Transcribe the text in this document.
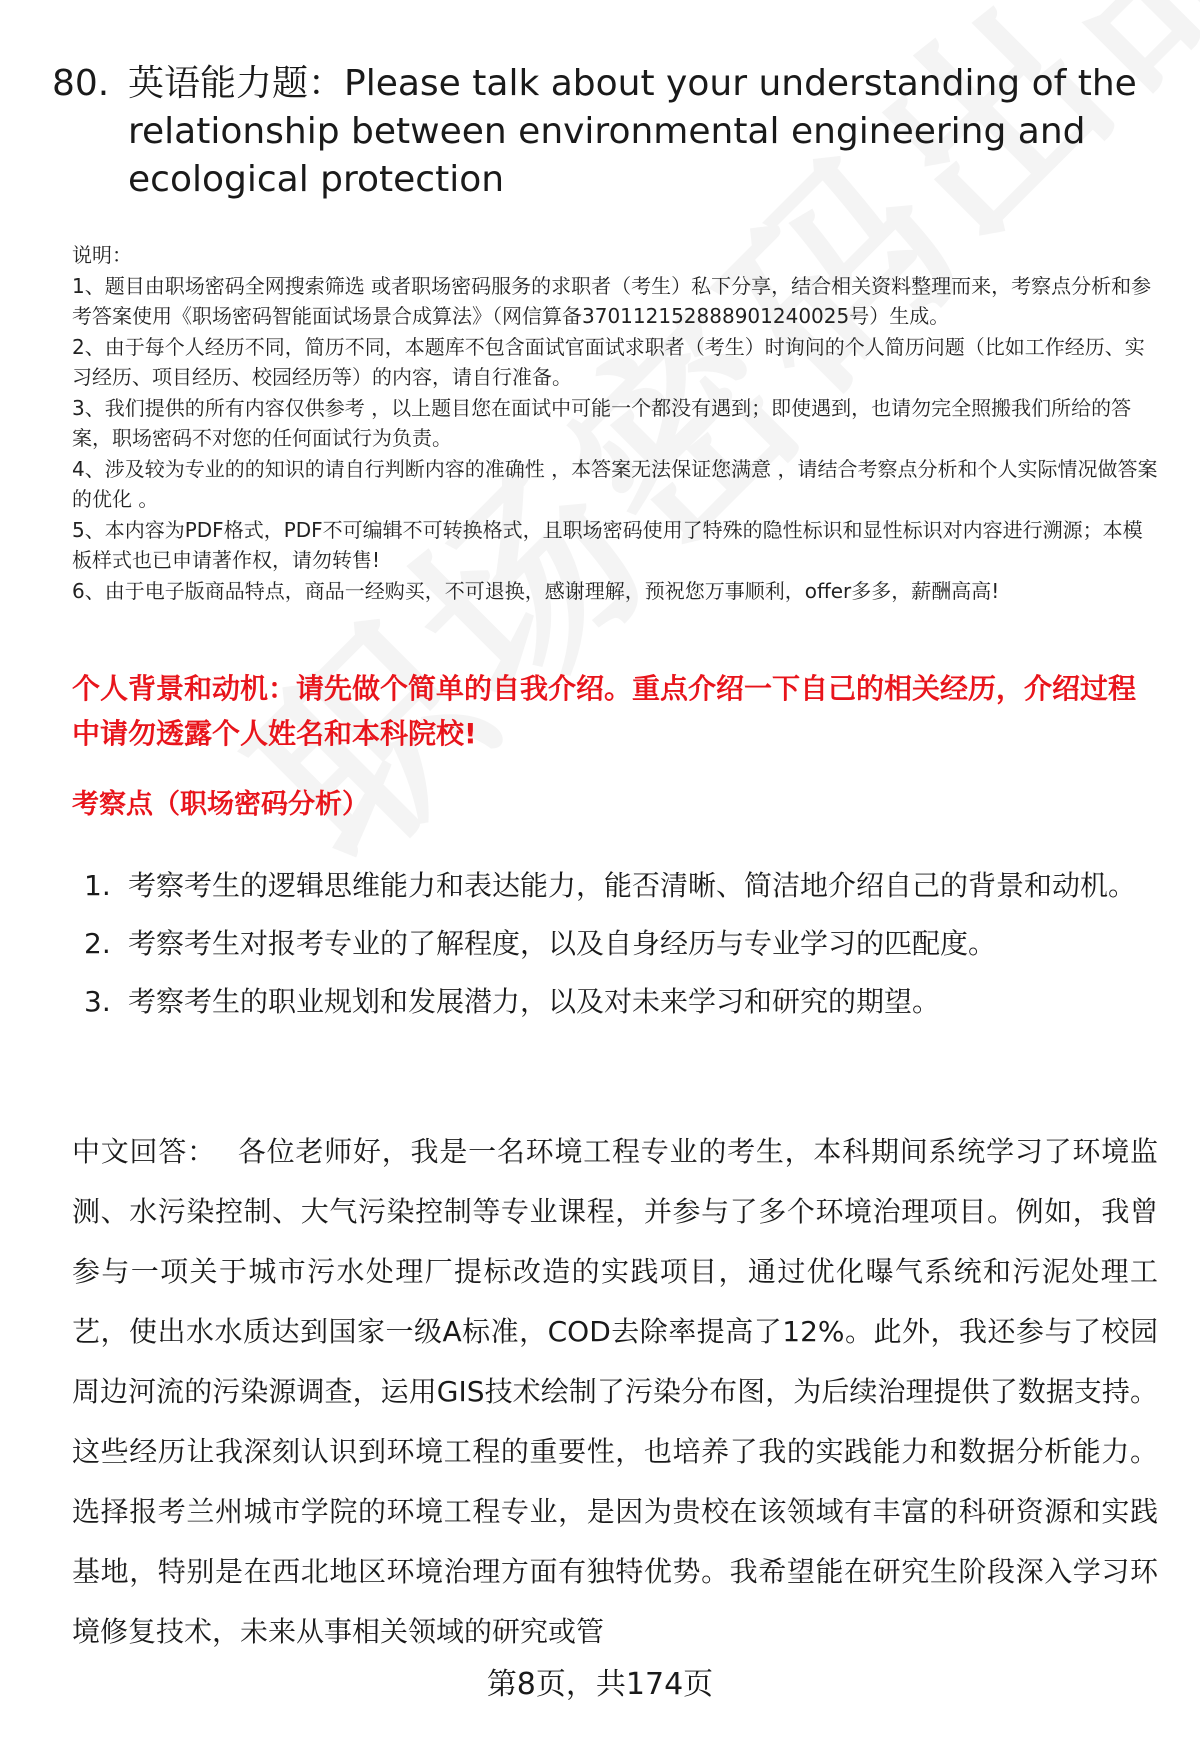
80. 英语能力题：Please talk about your understanding of the relationship between environmental engineering and ecological protection
说明：
1、题目由职场密码全网搜索筛选 或者职场密码服务的求职者（考生）私下分享，结合相关资料整理而来，考察点分析和参考答案使用《职场密码智能面试场景合成算法》（网信算备370112152888901240025号）生成。
2、由于每个人经历不同，简历不同，本题库不包含面试官面试求职者（考生）时询问的个人简历问题（比如工作经历、实习经历、项目经历、校园经历等）的内容，请自行准备。
3、我们提供的所有内容仅供参考 ，以上题目您在面试中可能一个都没有遇到；即使遇到，也请勿完全照搬我们所给的答案，职场密码不对您的任何面试行为负责。
4、涉及较为专业的的知识的请自行判断内容的准确性 ，本答案无法保证您满意 ，请结合考察点分析和个人实际情况做答案的优化 。
5、本内容为PDF格式，PDF不可编辑不可转换格式，且职场密码使用了特殊的隐性标识和显性标识对内容进行溯源；本模板样式也已申请著作权，请勿转售!
6、由于电子版商品特点，商品一经购买，不可退换，感谢理解，预祝您万事顺利，offer多多，薪酬高高!
个人背景和动机：请先做个简单的自我介绍。重点介绍一下自己的相关经历，介绍过程中请勿透露个人姓名和本科院校!
考察点（职场密码分析）
1. 考察考生的逻辑思维能力和表达能力，能否清晰、简洁地介绍自己的背景和动机。
2. 考察考生对报考专业的了解程度，以及自身经历与专业学习的匹配度。
3. 考察考生的职业规划和发展潜力，以及对未来学习和研究的期望。
中文回答： 各位老师好，我是一名环境工程专业的考生，本科期间系统学习了环境监测、水污染控制、大气污染控制等专业课程，并参与了多个环境治理项目。例如，我曾参与一项关于城市污水处理厂提标改造的实践项目，通过优化曝气系统和污泥处理工艺，使出水水质达到国家一级A标准，COD去除率提高了12%。此外，我还参与了校园周边河流的污染源调查，运用GIS技术绘制了污染分布图，为后续治理提供了数据支持。这些经历让我深刻认识到环境工程的重要性，也培养了我的实践能力和数据分析能力。选择报考兰州城市学院的环境工程专业，是因为贵校在该领域有丰富的科研资源和实践基地，特别是在西北地区环境治理方面有独特优势。我希望能在研究生阶段深入学习环境修复技术，未来从事相关领域的研究或管
第8页，共174页
